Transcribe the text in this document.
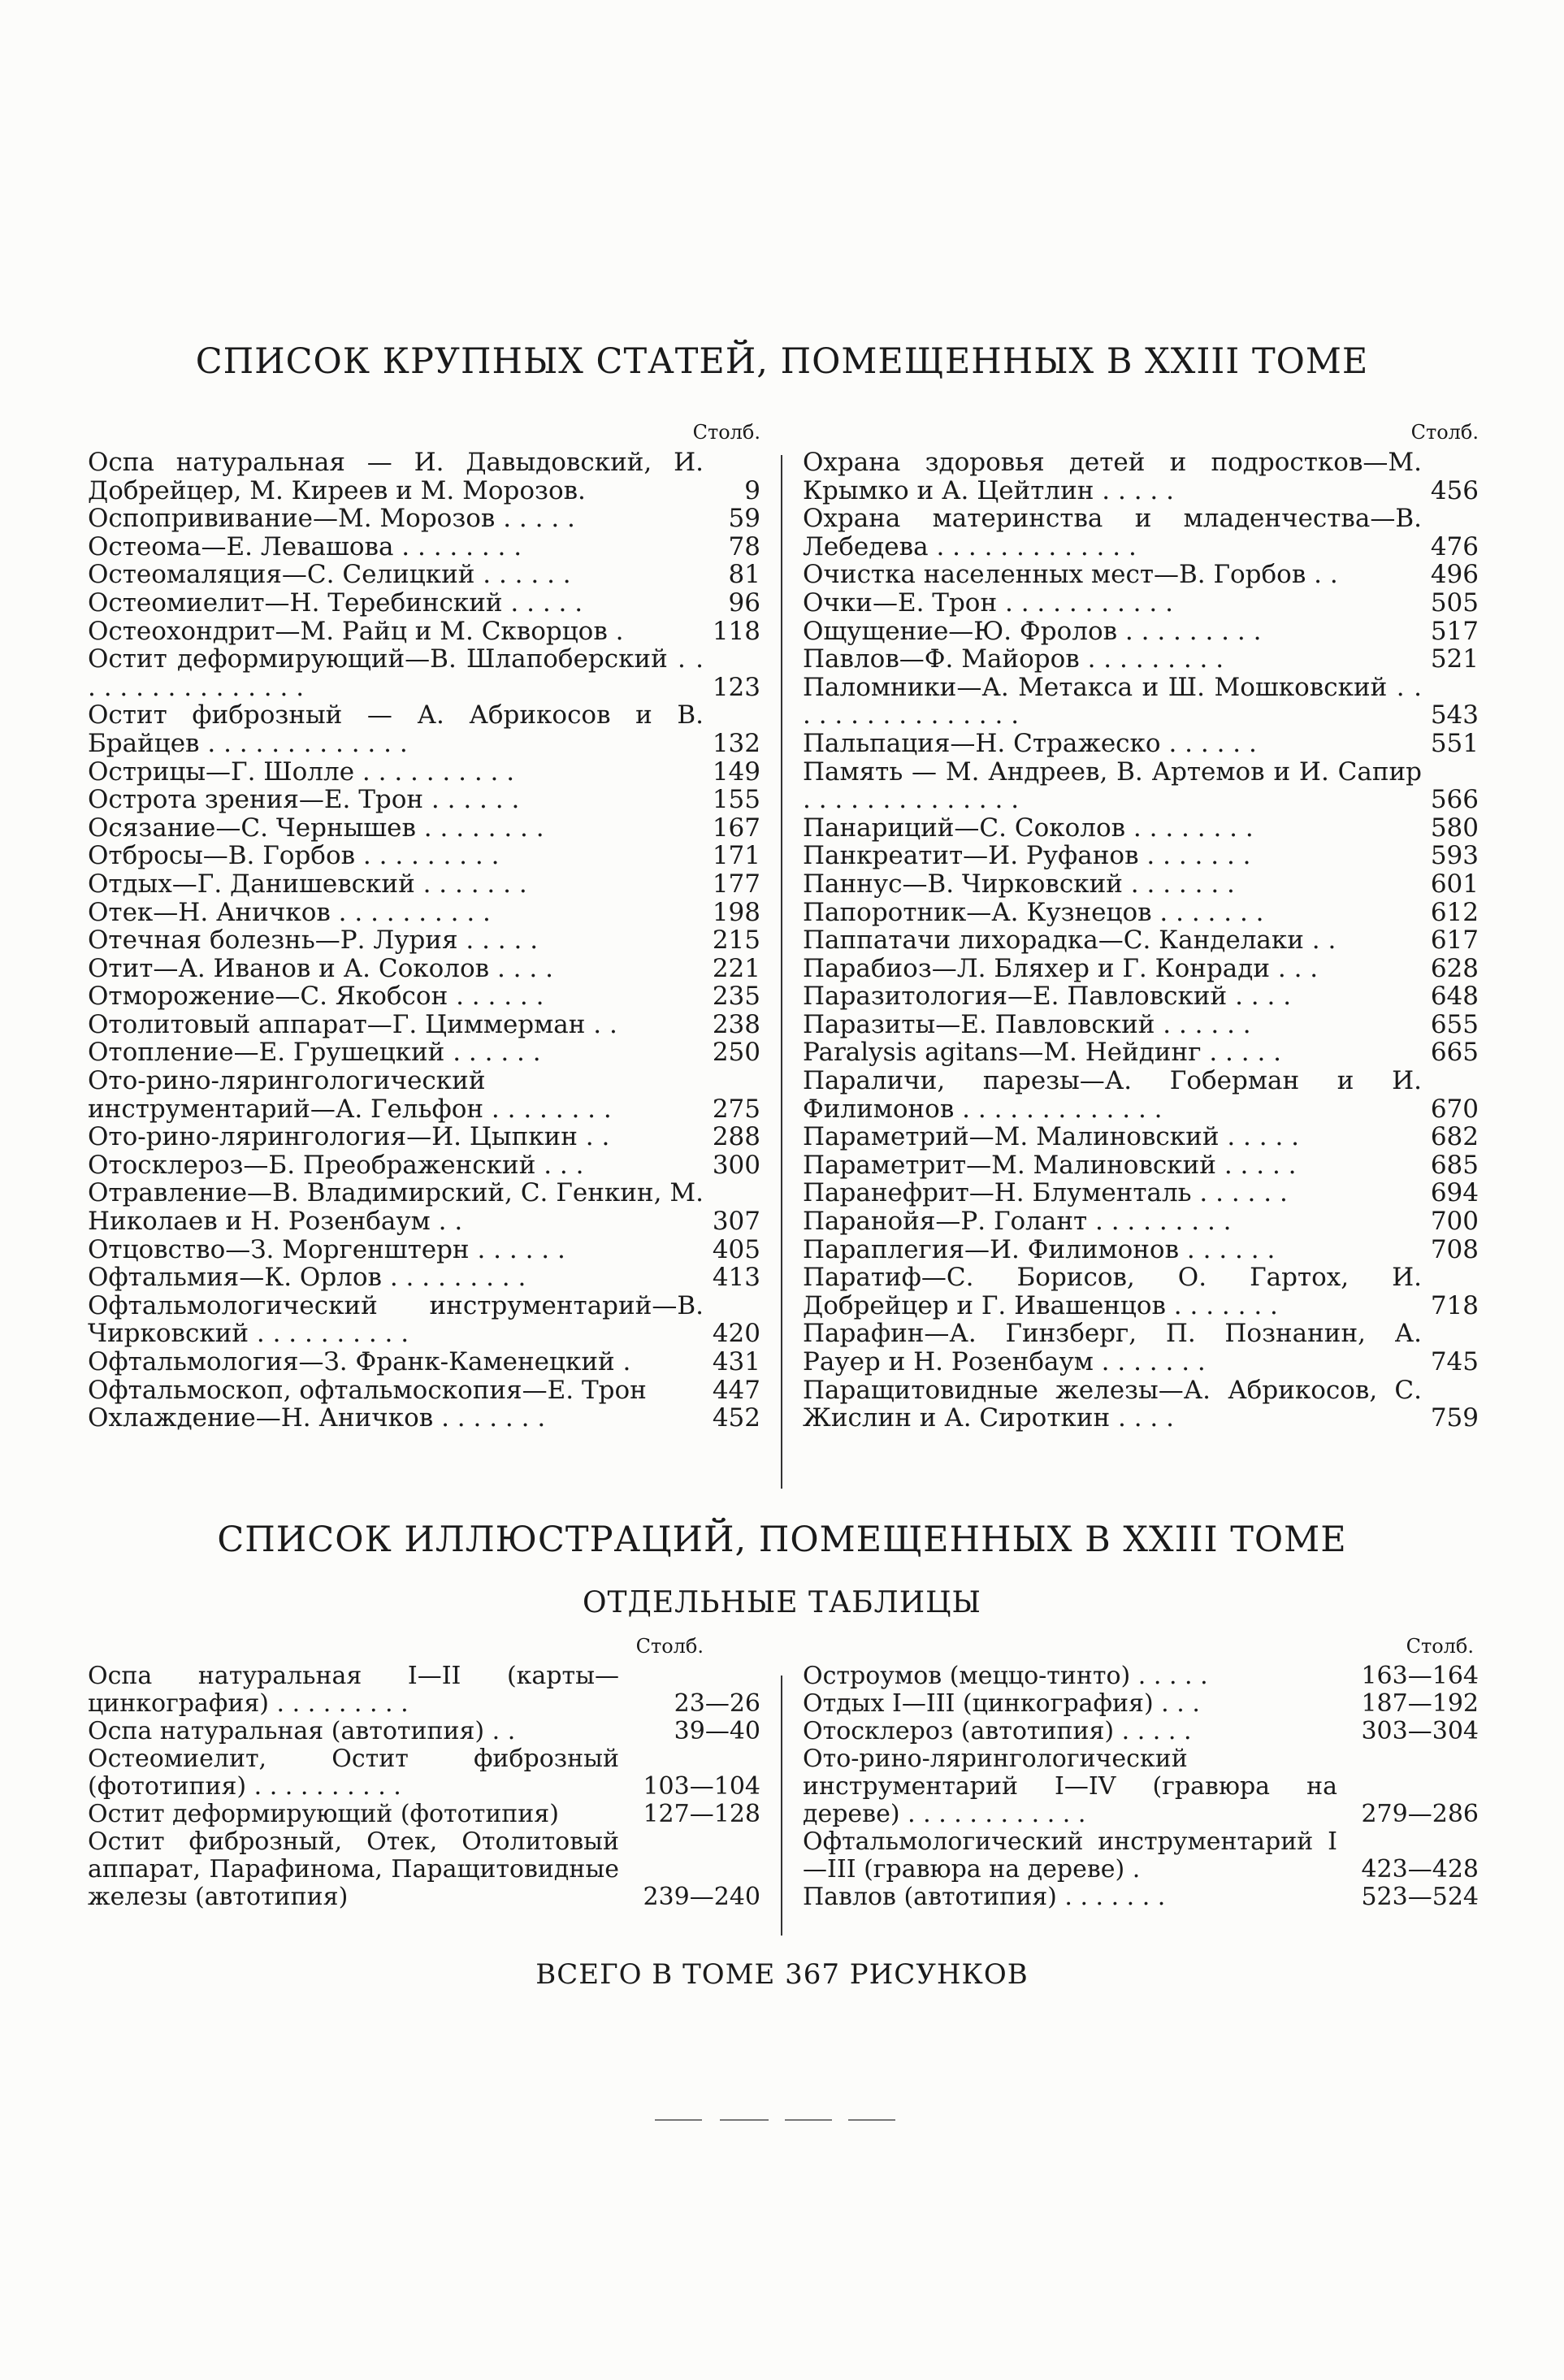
СПИСОК КРУПНЫХ СТАТЕЙ, ПОМЕЩЕННЫХ В XXIII ТОМЕ
Столб.
Оспа натуральная — И. Давыдовский, И. Добрейцер, М. Киреев и М. Морозов.	9
Оспопрививание—М. Морозов . . . . .	59
Остеома—Е. Левашова . . . . . . . .	78
Остеомаляция—С. Селицкий . . . . . .	81
Остеомиелит—Н. Теребинский . . . . .	96
Остеохондрит—М. Райц и М. Скворцов .	118
Остит деформирующий—В. Шлапоберский . . . . . . . . . . . . . . . .	123
Остит фиброзный — А. Абрикосов и В. Брайцев . . . . . . . . . . . . .	132
Острицы—Г. Шолле . . . . . . . . . .	149
Острота зрения—Е. Трон . . . . . .	155
Осязание—С. Чернышев . . . . . . . .	167
Отбросы—В. Горбов . . . . . . . . .	171
Отдых—Г. Данишевский . . . . . . .	177
Отек—Н. Аничков . . . . . . . . . .	198
Отечная болезнь—Р. Лурия . . . . .	215
Отит—А. Иванов и А. Соколов . . . .	221
Отморожение—С. Якобсон . . . . . .	235
Отолитовый аппарат—Г. Циммерман . .	238
Отопление—Е. Грушецкий . . . . . .	250
Ото-рино-лярингологический инструментарий—А. Гельфон . . . . . . . .	275
Ото-рино-лярингология—И. Цыпкин . .	288
Отосклероз—Б. Преображенский . . .	300
Отравление—В. Владимирский, С. Генкин, М. Николаев и Н. Розенбаум . .	307
Отцовство—З. Моргенштерн . . . . . .	405
Офтальмия—К. Орлов . . . . . . . . .	413
Офтальмологический инструментарий—В. Чирковский . . . . . . . . . .	420
Офтальмология—З. Франк-Каменецкий .	431
Офтальмоскоп, офтальмоскопия—Е. Трон	447
Охлаждение—Н. Аничков . . . . . . .	452
Столб.
Охрана здоровья детей и подростков—М. Крымко и А. Цейтлин . . . . .	456
Охрана материнства и младенчества—В. Лебедева . . . . . . . . . . . . .	476
Очистка населенных мест—В. Горбов . .	496
Очки—Е. Трон . . . . . . . . . . .	505
Ощущение—Ю. Фролов . . . . . . . . .	517
Павлов—Ф. Майоров . . . . . . . . .	521
Паломники—А. Метакса и Ш. Мошковский . . . . . . . . . . . . . . . .	543
Пальпация—Н. Стражеско . . . . . .	551
Память — М. Андреев, В. Артемов и И. Сапир . . . . . . . . . . . . . .	566
Панариций—С. Соколов . . . . . . . .	580
Панкреатит—И. Руфанов . . . . . . .	593
Паннус—В. Чирковский . . . . . . .	601
Папоротник—А. Кузнецов . . . . . . .	612
Паппатачи лихорадка—С. Канделаки . .	617
Парабиоз—Л. Бляхер и Г. Конради . . .	628
Паразитология—Е. Павловский . . . .	648
Паразиты—Е. Павловский . . . . . .	655
Paralysis agitans—М. Нейдинг . . . . .	665
Параличи, парезы—А. Гоберман и И. Филимонов . . . . . . . . . . . . .	670
Параметрий—М. Малиновский . . . . .	682
Параметрит—М. Малиновский . . . . .	685
Паранефрит—Н. Блументаль . . . . . .	694
Паранойя—Р. Голант . . . . . . . . .	700
Параплегия—И. Филимонов . . . . . .	708
Паратиф—С. Борисов, О. Гартох, И. Добрейцер и Г. Ивашенцов . . . . . . .	718
Парафин—А. Гинзберг, П. Познанин, А. Рауер и Н. Розенбаум . . . . . . .	745
Паращитовидные железы—А. Абрикосов, С. Жислин и А. Сироткин . . . .	759
СПИСОК ИЛЛЮСТРАЦИЙ, ПОМЕЩЕННЫХ В XXIII ТОМЕ
ОТДЕЛЬНЫЕ ТАБЛИЦЫ
Столб.
Оспа натуральная I—II (карты—цинкография) . . . . . . . . .	23—26
Оспа натуральная (автотипия) . .	39—40
Остеомиелит, Остит фиброзный (фототипия) . . . . . . . . . .	103—104
Остит деформирующий (фототипия)	127—128
Остит фиброзный, Отек, Отолитовый аппарат, Парафинома, Паращитовидные железы (автотипия)	239—240
Столб.
Остроумов (меццо-тинто) . . . . .	163—164
Отдых I—III (цинкография) . . .	187—192
Отосклероз (автотипия) . . . . .	303—304
Ото-рино-лярингологический инструментарий I—IV (гравюра на дереве) . . . . . . . . . . . .	279—286
Офтальмологический инструментарий I—III (гравюра на дереве) .	423—428
Павлов (автотипия) . . . . . . .	523—524
ВСЕГО В ТОМЕ 367 РИСУНКОВ
